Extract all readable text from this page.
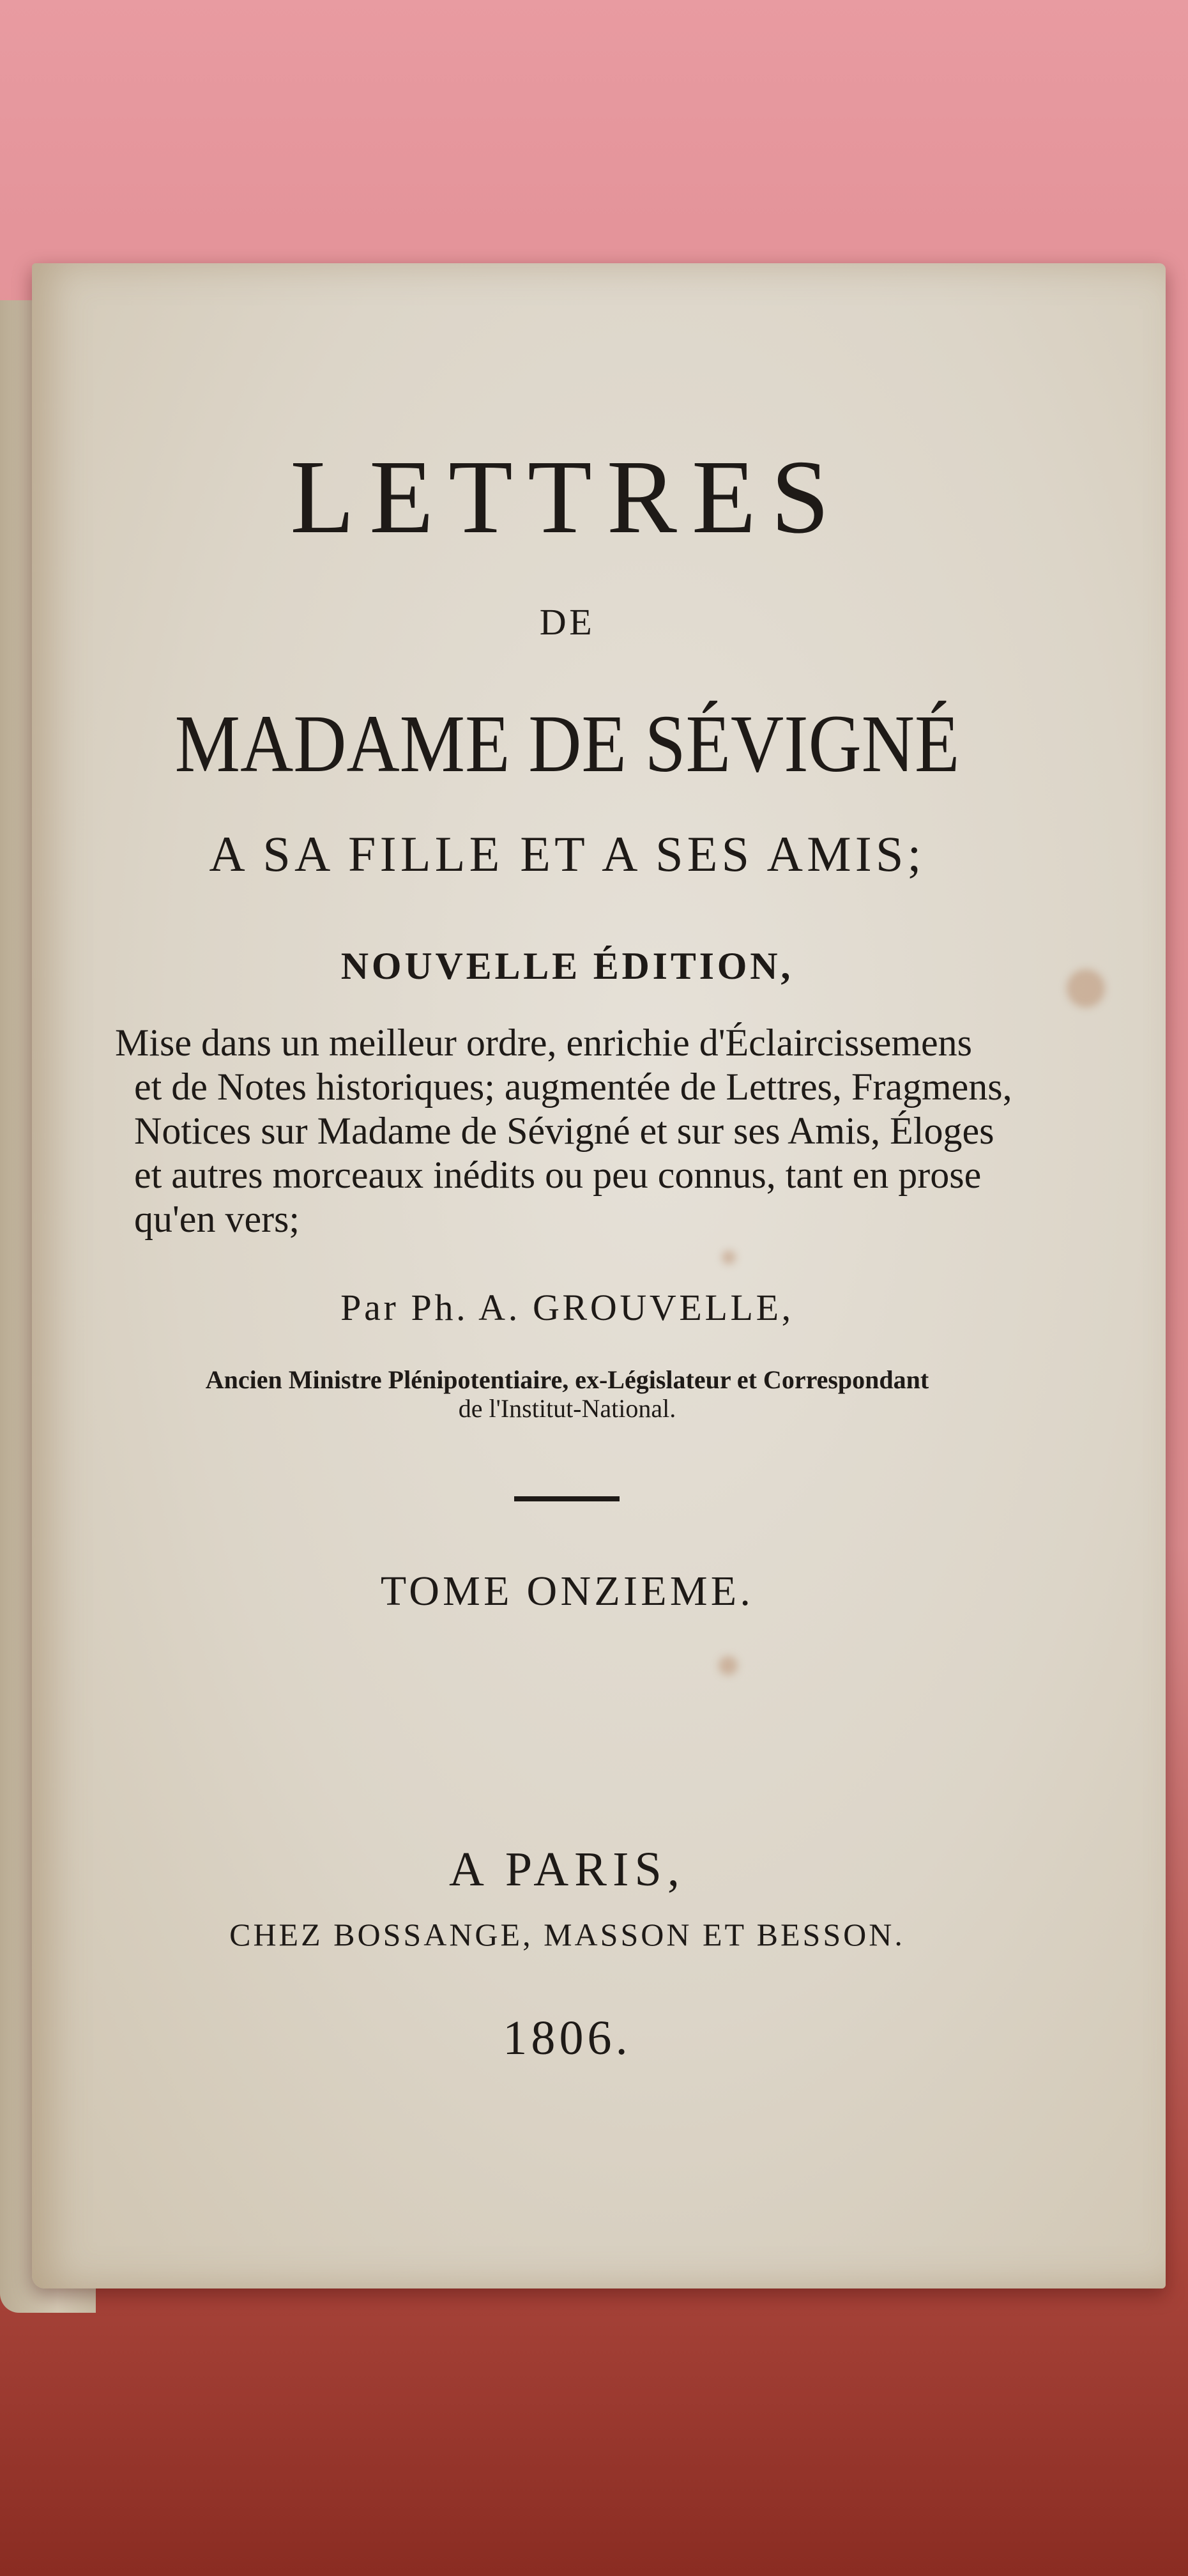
LETTRES
DE
MADAME DE SÉVIGNÉ
A SA FILLE ET A SES AMIS;
NOUVELLE ÉDITION,
Mise dans un meilleur ordre, enrichie d'Éclaircissemens
et de Notes historiques; augmentée de Lettres, Fragmens,
Notices sur Madame de Sévigné et sur ses Amis, Éloges
et autres morceaux inédits ou peu connus, tant en prose
qu'en vers;
Par Ph. A. GROUVELLE,
Ancien Ministre Plénipotentiaire, ex-Législateur et Correspondant
de l'Institut-National.
TOME ONZIEME.
A PARIS,
CHEZ BOSSANGE, MASSON ET BESSON.
1806.
